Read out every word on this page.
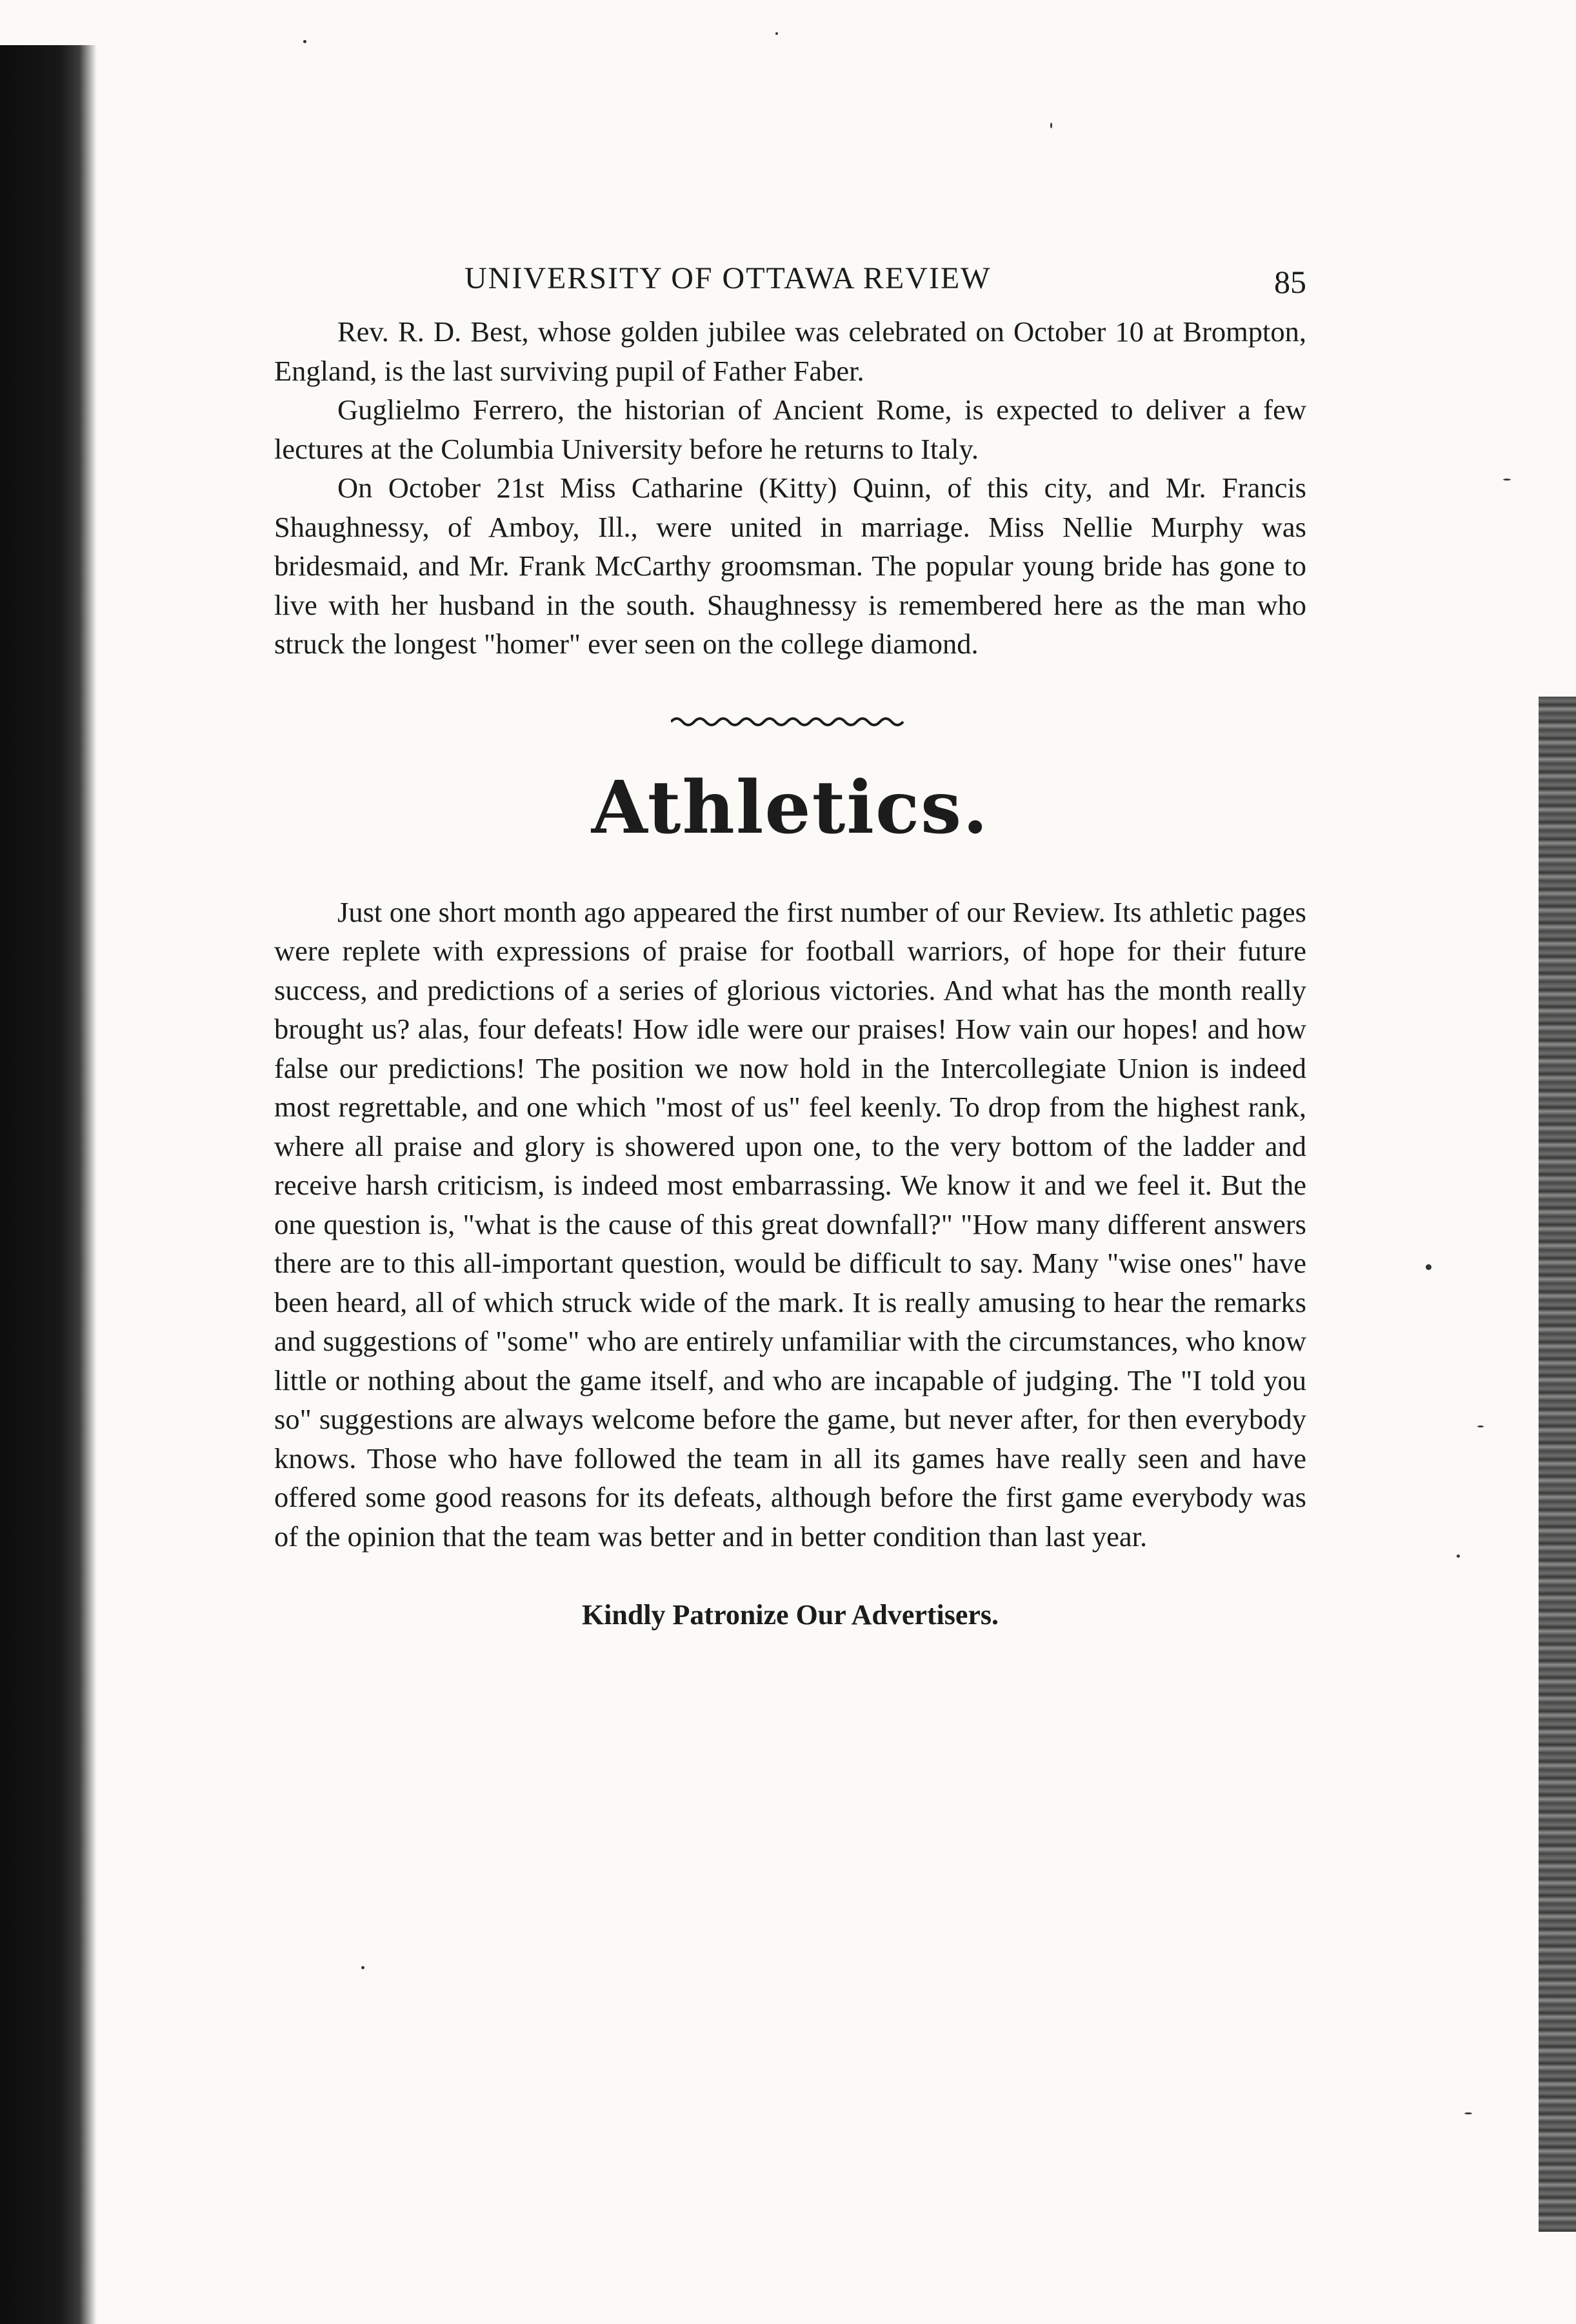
UNIVERSITY OF OTTAWA REVIEW	85

Rev. R. D. Best, whose golden jubilee was celebrated on October 10 at Brompton, England, is the last surviving pupil of Father Faber.

Guglielmo Ferrero, the historian of Ancient Rome, is expected to deliver a few lectures at the Columbia University before he returns to Italy.

On October 21st Miss Catharine (Kitty) Quinn, of this city, and Mr. Francis Shaughnessy, of Amboy, Ill., were united in marriage. Miss Nellie Murphy was bridesmaid, and Mr. Frank McCarthy groomsman. The popular young bride has gone to live with her husband in the south. Shaughnessy is remembered here as the man who struck the longest "homer" ever seen on the college diamond.

Athletics.

Just one short month ago appeared the first number of our Review. Its athletic pages were replete with expressions of praise for football warriors, of hope for their future success, and predictions of a series of glorious victories. And what has the month really brought us? alas, four defeats! How idle were our praises! How vain our hopes! and how false our predictions! The position we now hold in the Intercollegiate Union is indeed most regrettable, and one which "most of us" feel keenly. To drop from the highest rank, where all praise and glory is showered upon one, to the very bottom of the ladder and receive harsh criticism, is indeed most embarrassing. We know it and we feel it. But the one question is, "what is the cause of this great downfall?" "How many different answers there are to this all-important question, would be difficult to say. Many "wise ones" have been heard, all of which struck wide of the mark. It is really amusing to hear the remarks and suggestions of "some" who are entirely unfamiliar with the circumstances, who know little or nothing about the game itself, and who are incapable of judging. The "I told you so" suggestions are always welcome before the game, but never after, for then everybody knows. Those who have followed the team in all its games have really seen and have offered some good reasons for its defeats, although before the first game everybody was of the opinion that the team was better and in better condition than last year.

Kindly Patronize Our Advertisers.
